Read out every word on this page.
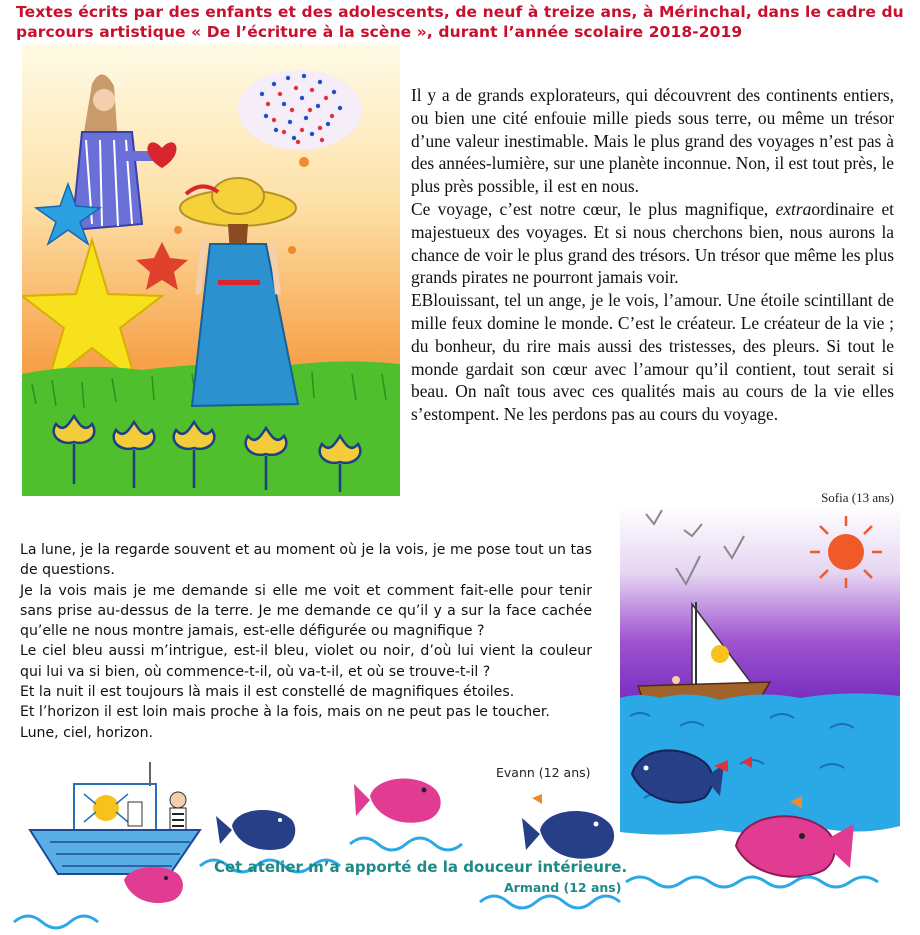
Textes écrits par des enfants et des adolescents, de neuf à treize ans, à Mérinchal, dans le cadre du parcours artistique « De l’écriture à la scène », durant l’année scolaire 2018-2019

Il y a de grands explorateurs, qui découvrent des continents entiers, ou bien une cité enfouie mille pieds sous terre, ou même un trésor d’une valeur inestimable. Mais le plus grand des voyages n’est pas à des années-lumière, sur une planète inconnue. Non, il est tout près, le plus près possible, il est en nous.

Ce voyage, c’est notre cœur, le plus magnifique, extraordinaire et majestueux des voyages. Et si nous cherchons bien, nous aurons la chance de voir le plus grand des trésors. Un trésor que même les plus grands pirates ne pourront jamais voir.

EBlouissant, tel un ange, je le vois, l’amour. Une étoile scintillant de mille feux domine le monde. C’est le créateur. Le créateur de la vie ; du bonheur, du rire mais aussi des tristesses, des pleurs. Si tout le monde gardait son cœur avec l’amour qu’il contient, tout serait si beau. On naît tous avec ces qualités mais au cours de la vie elles s’estompent. Ne les perdons pas au cours du voyage.

Sofia (13 ans)

La lune, je la regarde souvent et au moment où je la vois, je me pose tout un tas de questions.

Je la vois mais je me demande si elle me voit et comment fait-elle pour tenir sans prise au-dessus de la terre. Je me demande ce qu’il y a sur la face cachée qu’elle ne nous montre jamais, est-elle défigurée ou magnifique ?

Le ciel bleu aussi m’intrigue, est-il bleu, violet ou noir, d’où lui vient la couleur qui lui va si bien, où commence-t-il, où va-t-il, et où se trouve-t-il ?

Et la nuit il est toujours là mais il est constellé de magnifiques étoiles.

Et l’horizon il est loin mais proche à la fois, mais on ne peut pas le toucher.

Lune, ciel, horizon.

Evann (12 ans)
Cet atelier m’a apporté de la douceur intérieure.
Armand (12 ans)
